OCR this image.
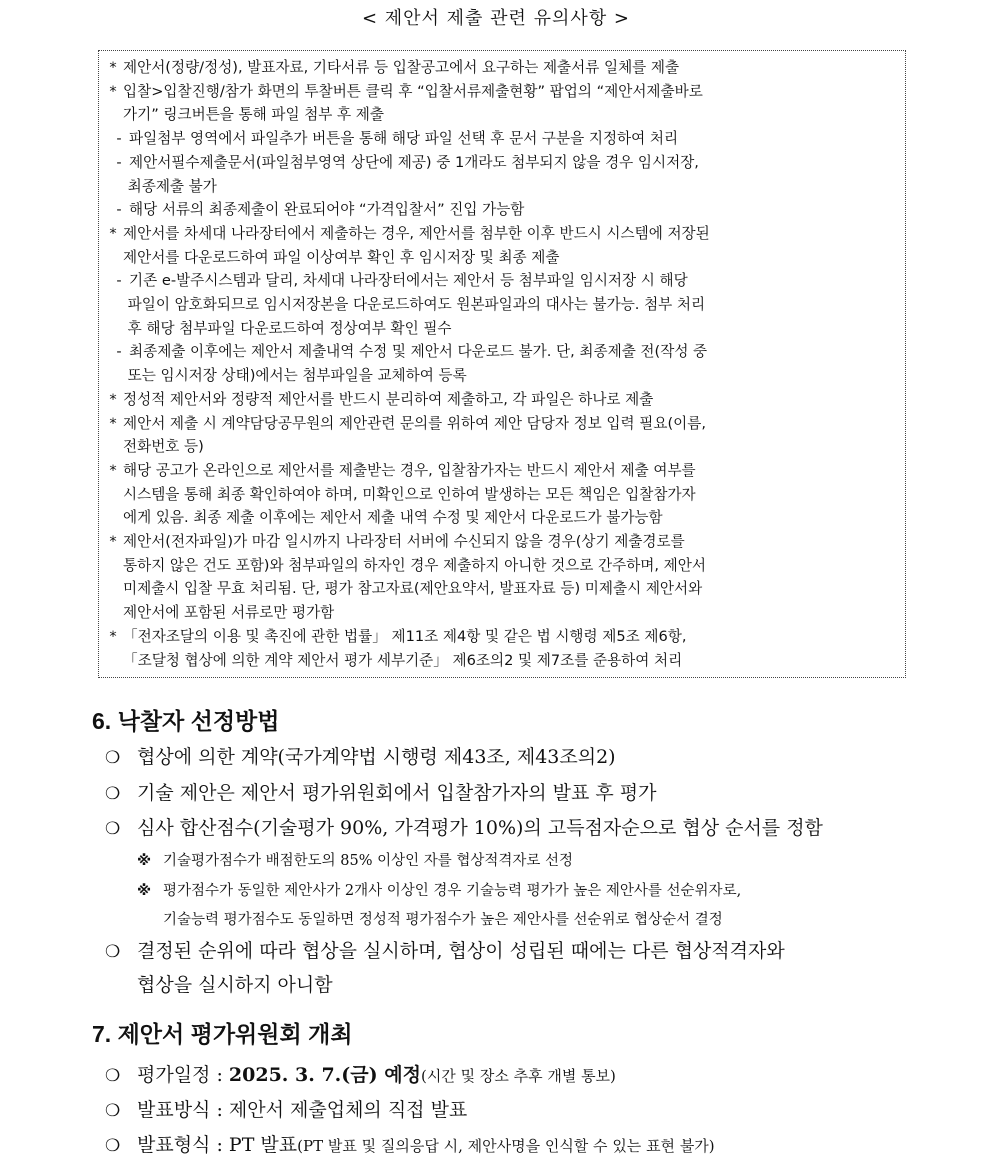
< 제안서 제출 관련 유의사항 >
* 제안서(정량/정성), 발표자료, 기타서류 등 입찰공고에서 요구하는 제출서류 일체를 제출
* 입찰>입찰진행/참가 화면의 투찰버튼 클릭 후 “입찰서류제출현황” 팝업의 “제안서제출바로
가기” 링크버튼을 통해 파일 첨부 후 제출
- 파일첨부 영역에서 파일추가 버튼을 통해 해당 파일 선택 후 문서 구분을 지정하여 처리
- 제안서필수제출문서(파일첨부영역 상단에 제공) 중 1개라도 첨부되지 않을 경우 임시저장,
최종제출 불가
- 해당 서류의 최종제출이 완료되어야 “가격입찰서” 진입 가능함
* 제안서를 차세대 나라장터에서 제출하는 경우, 제안서를 첨부한 이후 반드시 시스템에 저장된
제안서를 다운로드하여 파일 이상여부 확인 후 임시저장 및 최종 제출
- 기존 e-발주시스템과 달리, 차세대 나라장터에서는 제안서 등 첨부파일 임시저장 시 해당
파일이 암호화되므로 임시저장본을 다운로드하여도 원본파일과의 대사는 불가능. 첨부 처리
후 해당 첨부파일 다운로드하여 정상여부 확인 필수
- 최종제출 이후에는 제안서 제출내역 수정 및 제안서 다운로드 불가. 단, 최종제출 전(작성 중
또는 임시저장 상태)에서는 첨부파일을 교체하여 등록
* 정성적 제안서와 정량적 제안서를 반드시 분리하여 제출하고, 각 파일은 하나로 제출
* 제안서 제출 시 계약담당공무원의 제안관련 문의를 위하여 제안 담당자 정보 입력 필요(이름,
전화번호 등)
* 해당 공고가 온라인으로 제안서를 제출받는 경우, 입찰참가자는 반드시 제안서 제출 여부를
시스템을 통해 최종 확인하여야 하며, 미확인으로 인하여 발생하는 모든 책임은 입찰참가자
에게 있음. 최종 제출 이후에는 제안서 제출 내역 수정 및 제안서 다운로드가 불가능함
* 제안서(전자파일)가 마감 일시까지 나라장터 서버에 수신되지 않을 경우(상기 제출경로를
통하지 않은 건도 포함)와 첨부파일의 하자인 경우 제출하지 아니한 것으로 간주하며, 제안서
미제출시 입찰 무효 처리됨. 단, 평가 참고자료(제안요약서, 발표자료 등) 미제출시 제안서와
제안서에 포함된 서류로만 평가함
* 「전자조달의 이용 및 촉진에 관한 법률」 제11조 제4항 및 같은 법 시행령 제5조 제6항,
「조달청 협상에 의한 계약 제안서 평가 세부기준」 제6조의2 및 제7조를 준용하여 처리
6. 낙찰자 선정방법
❍ 협상에 의한 계약(국가계약법 시행령 제43조, 제43조의2)
❍ 기술 제안은 제안서 평가위원회에서 입찰참가자의 발표 후 평가
❍ 심사 합산점수(기술평가 90%, 가격평가 10%)의 고득점자순으로 협상 순서를 정함
※ 기술평가점수가 배점한도의 85% 이상인 자를 협상적격자로 선정
※ 평가점수가 동일한 제안사가 2개사 이상인 경우 기술능력 평가가 높은 제안사를 선순위자로,
기술능력 평가점수도 동일하면 정성적 평가점수가 높은 제안사를 선순위로 협상순서 결정
❍ 결정된 순위에 따라 협상을 실시하며, 협상이 성립된 때에는 다른 협상적격자와
협상을 실시하지 아니함
7. 제안서 평가위원회 개최
❍ 평가일정 : 2025. 3. 7.(금) 예정(시간 및 장소 추후 개별 통보)
❍ 발표방식 : 제안서 제출업체의 직접 발표
❍ 발표형식 : PT 발표(PT 발표 및 질의응답 시, 제안사명을 인식할 수 있는 표현 불가)
